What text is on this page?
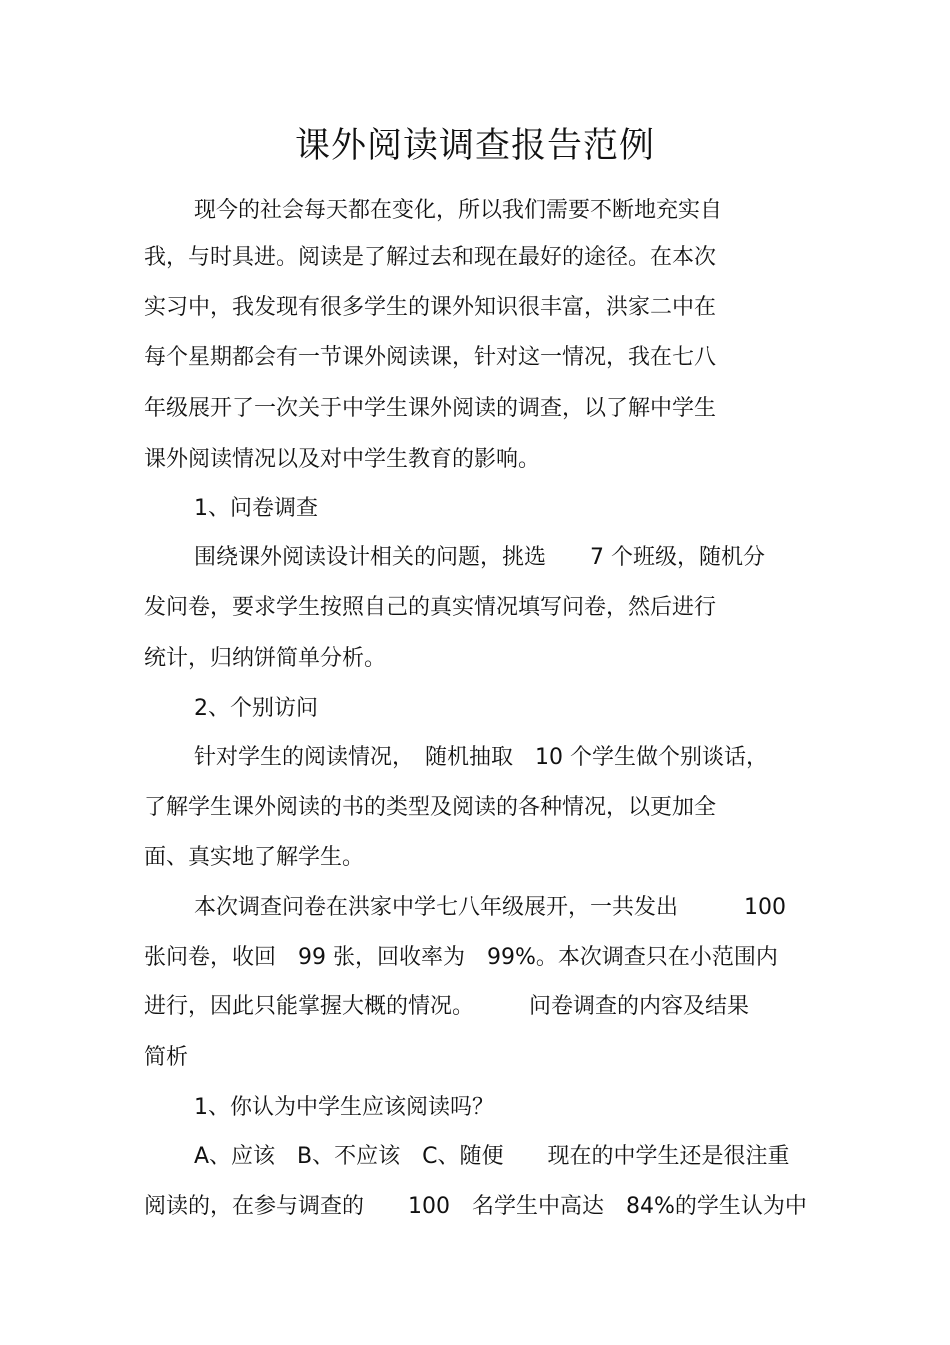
课外阅读调查报告范例
现今的社会每天都在变化，所以我们需要不断地充实自
我，与时具进。阅读是了解过去和现在最好的途径。在本次
实习中，我发现有很多学生的课外知识很丰富，洪家二中在
每个星期都会有一节课外阅读课，针对这一情况，我在七八
年级展开了一次关于中学生课外阅读的调查，以了解中学生
课外阅读情况以及对中学生教育的影响。
1、问卷调查
围绕课外阅读设计相关的问题，挑选　　7 个班级，随机分
发问卷，要求学生按照自己的真实情况填写问卷，然后进行
统计，归纳饼简单分析。
2、个别访问
针对学生的阅读情况，　随机抽取　10 个学生做个别谈话，
了解学生课外阅读的书的类型及阅读的各种情况，以更加全
面、真实地了解学生。
本次调查问卷在洪家中学七八年级展开，一共发出　　　100
张问卷，收回　99 张，回收率为　99%。本次调查只在小范围内
进行，因此只能掌握大概的情况。　　　问卷调查的内容及结果
简析
1、你认为中学生应该阅读吗？
A、应该　B、不应该　C、随便　　现在的中学生还是很注重
阅读的，在参与调查的　　100　名学生中高达　84%的学生认为中
